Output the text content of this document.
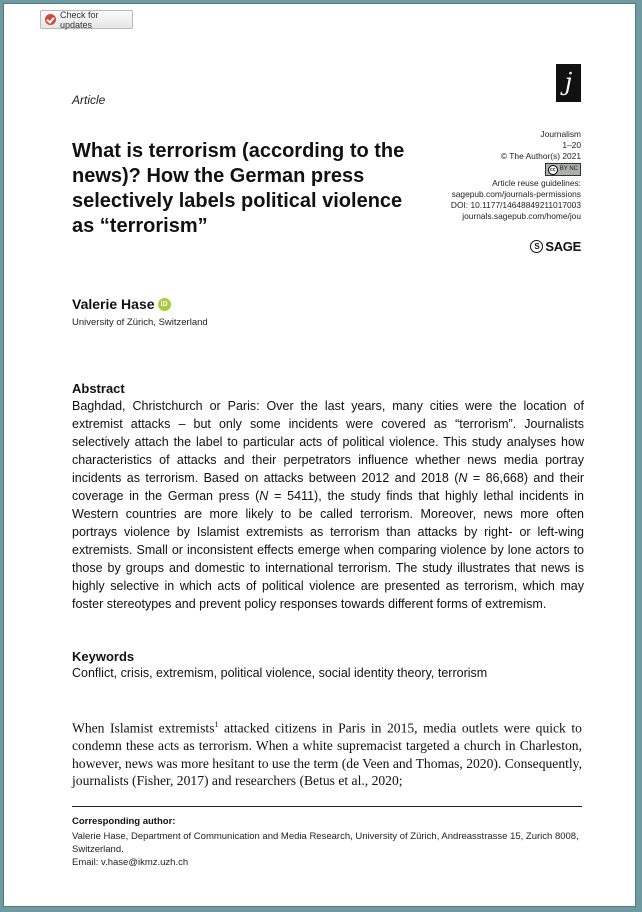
Check for updates
Article
j
Journalism
1–20
© The Author(s) 2021
cc BY NC
Article reuse guidelines:
sagepub.com/journals-permissions
DOI: 10.1177/14648849211017003
journals.sagepub.com/home/jou
S SAGE
What is terrorism (according to the news)? How the German press selectively labels political violence as “terrorism”
Valerie Hase iD
University of Zürich, Switzerland
Abstract
Baghdad, Christchurch or Paris: Over the last years, many cities were the location of extremist attacks – but only some incidents were covered as “terrorism”. Journalists selectively attach the label to particular acts of political violence. This study analyses how characteristics of attacks and their perpetrators influence whether news media portray incidents as terrorism. Based on attacks between 2012 and 2018 (N = 86,668) and their coverage in the German press (N = 5411), the study finds that highly lethal incidents in Western countries are more likely to be called terrorism. Moreover, news more often portrays violence by Islamist extremists as terrorism than attacks by right- or left-wing extremists. Small or inconsistent effects emerge when comparing violence by lone actors to those by groups and domestic to international terrorism. The study illustrates that news is highly selective in which acts of political violence are presented as terrorism, which may foster stereotypes and prevent policy responses towards different forms of extremism.
Keywords
Conflict, crisis, extremism, political violence, social identity theory, terrorism
When Islamist extremists$^1$ attacked citizens in Paris in 2015, media outlets were quick to condemn these acts as terrorism. When a white supremacist targeted a church in Charleston, however, news was more hesitant to use the term (de Veen and Thomas, 2020). Consequently, journalists (Fisher, 2017) and researchers (Betus et al., 2020;
Corresponding author:
Valerie Hase, Department of Communication and Media Research, University of Zürich, Andreasstrasse 15, Zurich 8008, Switzerland.
Email: v.hase@ikmz.uzh.ch
